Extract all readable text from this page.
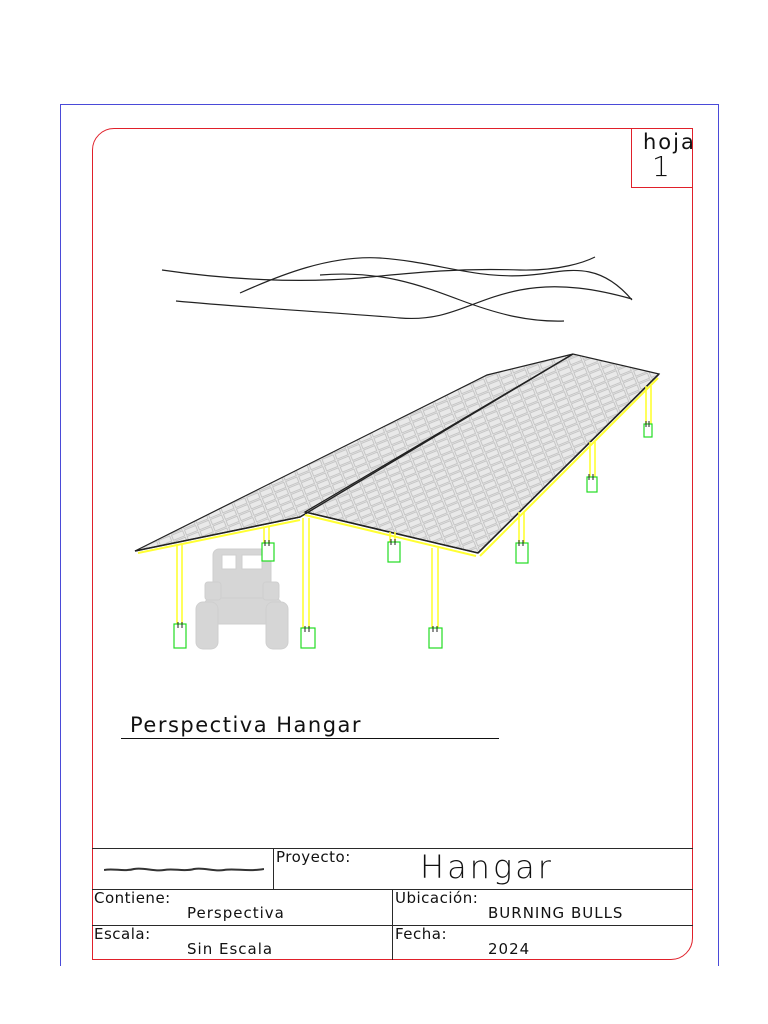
hoja
1
Perspectiva Hangar
Proyecto: Hangar
Contiene:
Perspectiva
Ubicación:
BURNING BULLS
Escala:
Sin Escala
Fecha:
2024
